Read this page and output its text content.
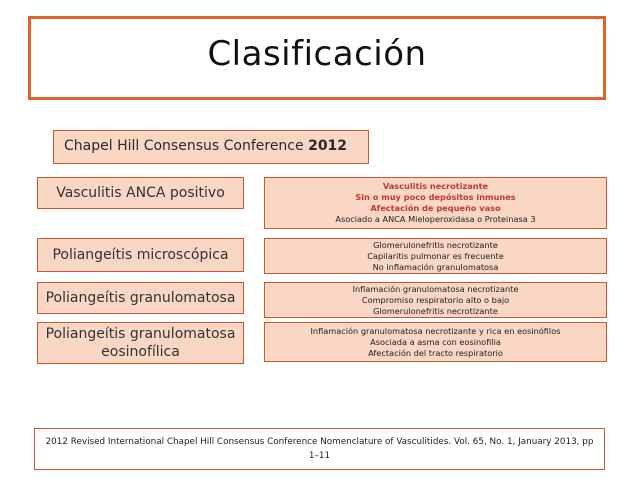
Clasificación
Chapel Hill Consensus Conference 2012
Vasculitis ANCA positivo	Vasculitis necrotizante
Sin o muy poco depósitos inmunes
Afectación de pequeño vaso
Asociado a ANCA Mieloperoxidasa o Proteinasa 3
Poliangeítis microscópica
Glomerulonefritis necrotizante
Capilaritis pulmonar es frecuente
No inflamación granulomatosa
Poliangeítis granulomatosa
Inflamación granulomatosa necrotizante
Compromiso respiratorio alto o bajo
Glomerulonefritis necrotizante
Poliangeítis granulomatosa eosinofílica
Inflamación granulomatosa necrotizante y rica en eosinófilos
Asociada a asma con eosinofilia
Afectación del tracto respiratorio
2012 Revised International Chapel Hill Consensus Conference Nomenclature of Vasculitides. Vol. 65, No. 1, January 2013, pp 1–11
